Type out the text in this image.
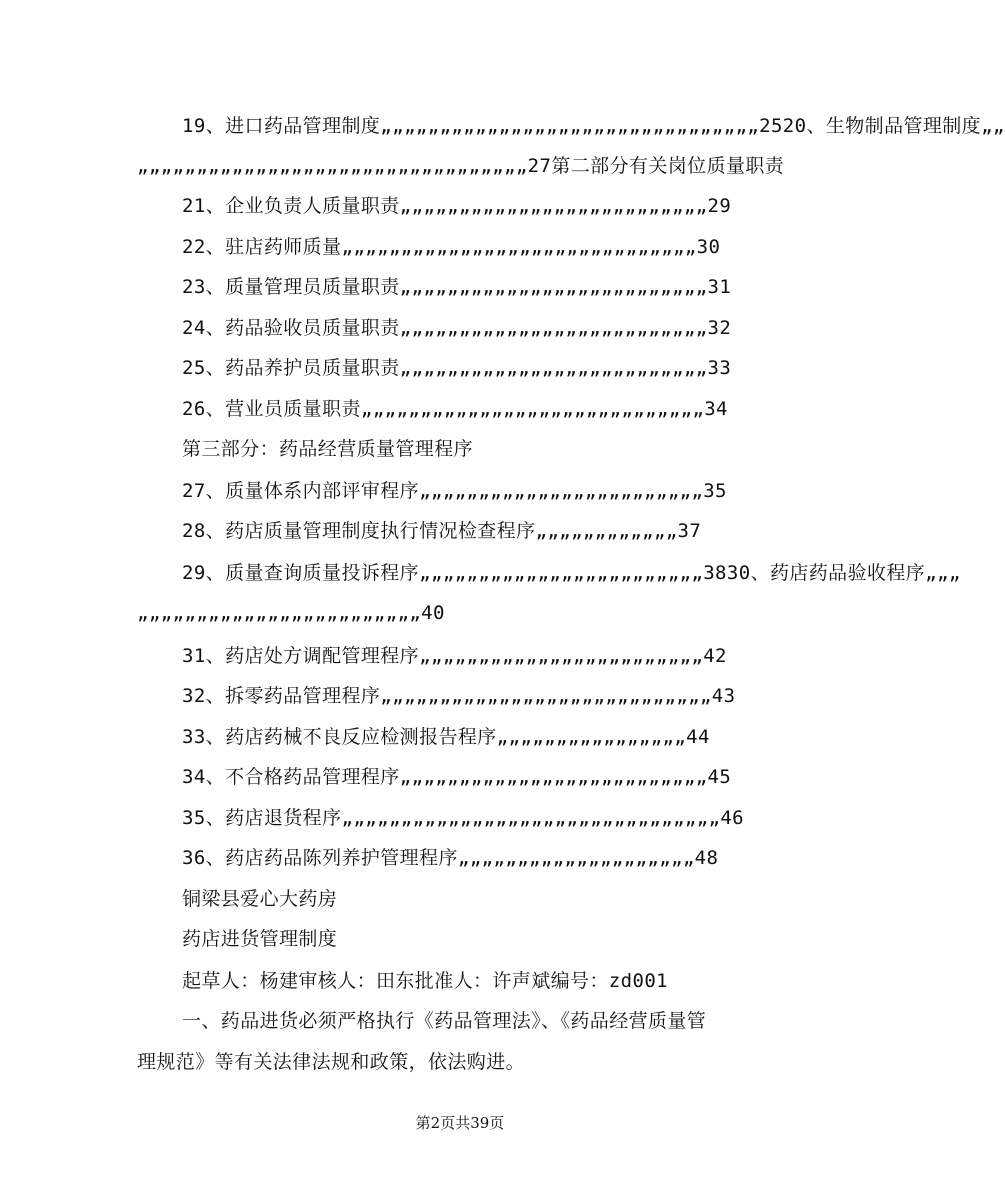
19、进口药品管理制度„„„„„„„„„„„„„„„„„„„„„„„„„„„„„„„„2520、生物制品管理制度„„
„„„„„„„„„„„„„„„„„„„„„„„„„„„„„„„„„27第二部分有关岗位质量职责
21、企业负责人质量职责„„„„„„„„„„„„„„„„„„„„„„„„„„29
22、驻店药师质量„„„„„„„„„„„„„„„„„„„„„„„„„„„„„„30
23、质量管理员质量职责„„„„„„„„„„„„„„„„„„„„„„„„„„31
24、药品验收员质量职责„„„„„„„„„„„„„„„„„„„„„„„„„„32
25、药品养护员质量职责„„„„„„„„„„„„„„„„„„„„„„„„„„33
26、营业员质量职责„„„„„„„„„„„„„„„„„„„„„„„„„„„„„34
第三部分：药品经营质量管理程序
27、质量体系内部评审程序„„„„„„„„„„„„„„„„„„„„„„„„35
28、药店质量管理制度执行情况检查程序„„„„„„„„„„„„37
29、质量查询质量投诉程序„„„„„„„„„„„„„„„„„„„„„„„„3830、药店药品验收程序„„„
„„„„„„„„„„„„„„„„„„„„„„„„40
31、药店处方调配管理程序„„„„„„„„„„„„„„„„„„„„„„„„42
32、拆零药品管理程序„„„„„„„„„„„„„„„„„„„„„„„„„„„„43
33、药店药械不良反应检测报告程序„„„„„„„„„„„„„„„„44
34、不合格药品管理程序„„„„„„„„„„„„„„„„„„„„„„„„„„45
35、药店退货程序„„„„„„„„„„„„„„„„„„„„„„„„„„„„„„„„46
36、药店药品陈列养护管理程序„„„„„„„„„„„„„„„„„„„„48
铜梁县爱心大药房
药店进货管理制度
起草人：杨建审核人：田东批准人：许声斌编号：zd001
一、药品进货必须严格执行《药品管理法》、《药品经营质量管
理规范》等有关法律法规和政策，依法购进。
第2页共39页
